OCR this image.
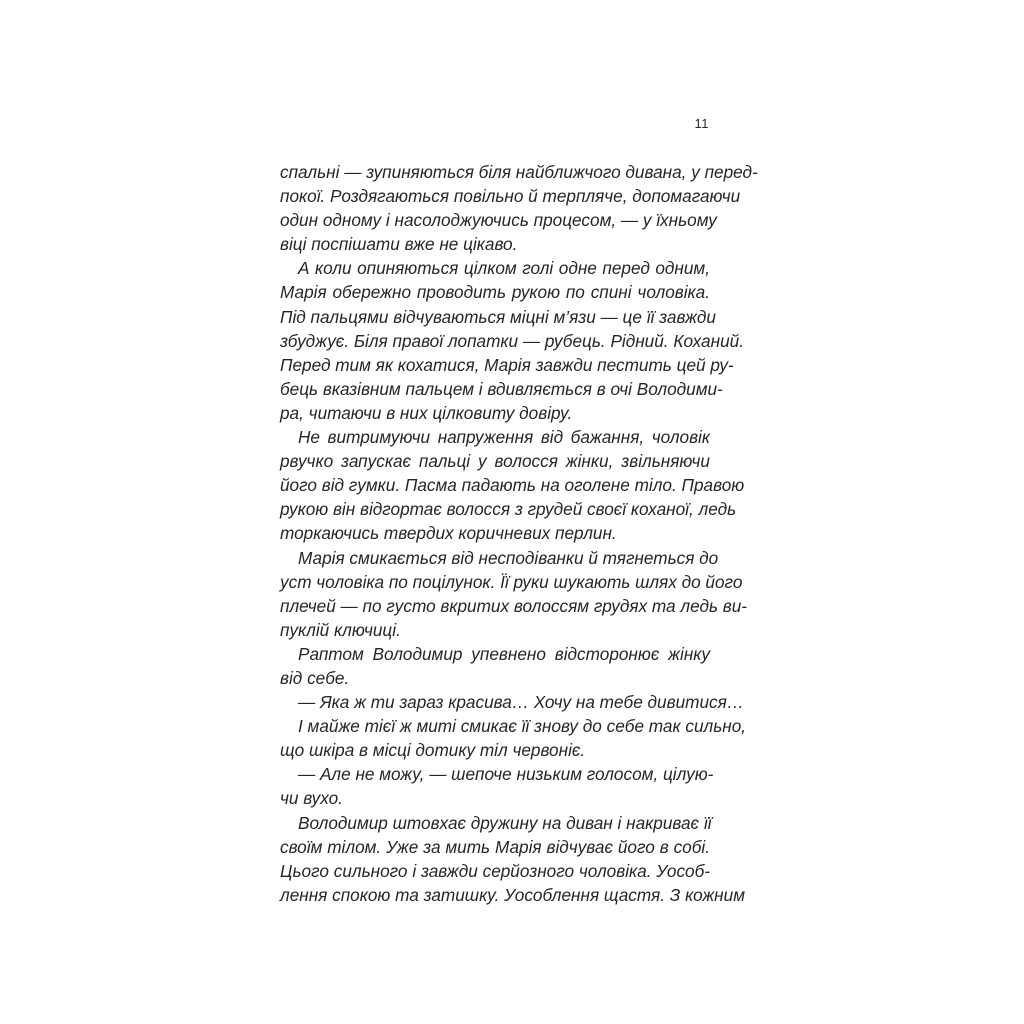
11
спальні — зупиняються біля найближчого дивана, у перед-
покої. Роздягаються повільно й терпляче, допомагаючи
один одному і насолоджуючись процесом, — у їхньому
віці поспішати вже не цікаво.
А коли опиняються цілком голі одне перед одним,
Марія обережно проводить рукою по спині чоловіка.
Під пальцями відчуваються міцні м’язи — це її завжди
збуджує. Біля правої лопатки — рубець. Рідний. Коханий.
Перед тим як кохатися, Марія завжди пестить цей ру-
бець вказівним пальцем і вдивляється в очі Володими-
ра, читаючи в них цілковиту довіру.
Не витримуючи напруження від бажання, чоловік
рвучко запускає пальці у волосся жінки, звільняючи
його від гумки. Пасма падають на оголене тіло. Правою
рукою він відгортає волосся з грудей своєї коханої, ледь
торкаючись твердих коричневих перлин.
Марія смикається від несподіванки й тягнеться до
уст чоловіка по поцілунок. Її руки шукають шлях до його
плечей — по густо вкритих волоссям грудях та ледь ви-
пуклій ключиці.
Раптом Володимир упевнено відсторонює жінку
від себе.
— Яка ж ти зараз красива… Хочу на тебе дивитися…
І майже тієї ж миті смикає її знову до себе так сильно,
що шкіра в місці дотику тіл червоніє.
— Але не можу, — шепоче низьким голосом, цілую-
чи вухо.
Володимир штовхає дружину на диван і накриває її
своїм тілом. Уже за мить Марія відчуває його в собі.
Цього сильного і завжди серйозного чоловіка. Уособ-
лення спокою та затишку. Уособлення щастя. З кожним
